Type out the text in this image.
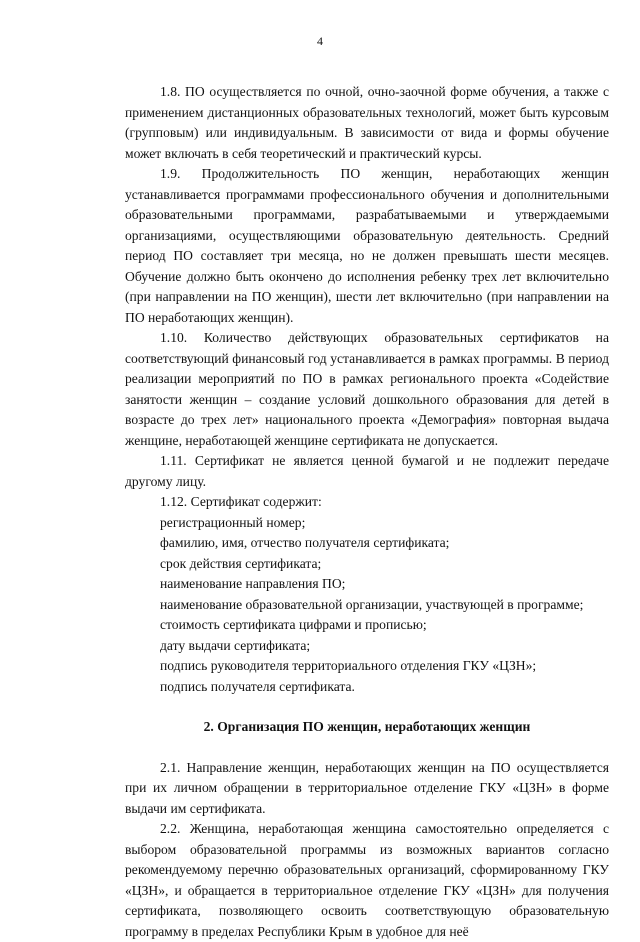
4

1.8. ПО осуществляется по очной, очно-заочной форме обучения, а также с применением дистанционных образовательных технологий, может быть курсовым (групповым) или индивидуальным. В зависимости от вида и формы обучение может включать в себя теоретический и практический курсы.

1.9. Продолжительность ПО женщин, неработающих женщин устанавливается программами профессионального обучения и дополнительными образовательными программами, разрабатываемыми и утверждаемыми организациями, осуществляющими образовательную деятельность. Средний период ПО составляет три месяца, но не должен превышать шести месяцев. Обучение должно быть окончено до исполнения ребенку трех лет включительно (при направлении на ПО женщин), шести лет включительно (при направлении на ПО неработающих женщин).

1.10. Количество действующих образовательных сертификатов на соответствующий финансовый год устанавливается в рамках программы. В период реализации мероприятий по ПО в рамках регионального проекта «Содействие занятости женщин – создание условий дошкольного образования для детей в возрасте до трех лет» национального проекта «Демография» повторная выдача женщине, неработающей женщине сертификата не допускается.

1.11. Сертификат не является ценной бумагой и не подлежит передаче другому лицу.

1.12. Сертификат содержит:

регистрационный номер;

фамилию, имя, отчество получателя сертификата;

срок действия сертификата;

наименование направления ПО;

наименование образовательной организации, участвующей в программе;

стоимость сертификата цифрами и прописью;

дату выдачи сертификата;

подпись руководителя территориального отделения ГКУ «ЦЗН»;

подпись получателя сертификата.

2. Организация ПО женщин, неработающих женщин

2.1. Направление женщин, неработающих женщин на ПО осуществляется при их личном обращении в территориальное отделение ГКУ «ЦЗН» в форме выдачи им сертификата.

2.2. Женщина, неработающая женщина самостоятельно определяется с выбором образовательной программы из возможных вариантов согласно рекомендуемому перечню образовательных организаций, сформированному ГКУ «ЦЗН», и обращается в территориальное отделение ГКУ «ЦЗН» для получения сертификата, позволяющего освоить соответствующую образовательную программу в пределах Республики Крым в удобное для неё
